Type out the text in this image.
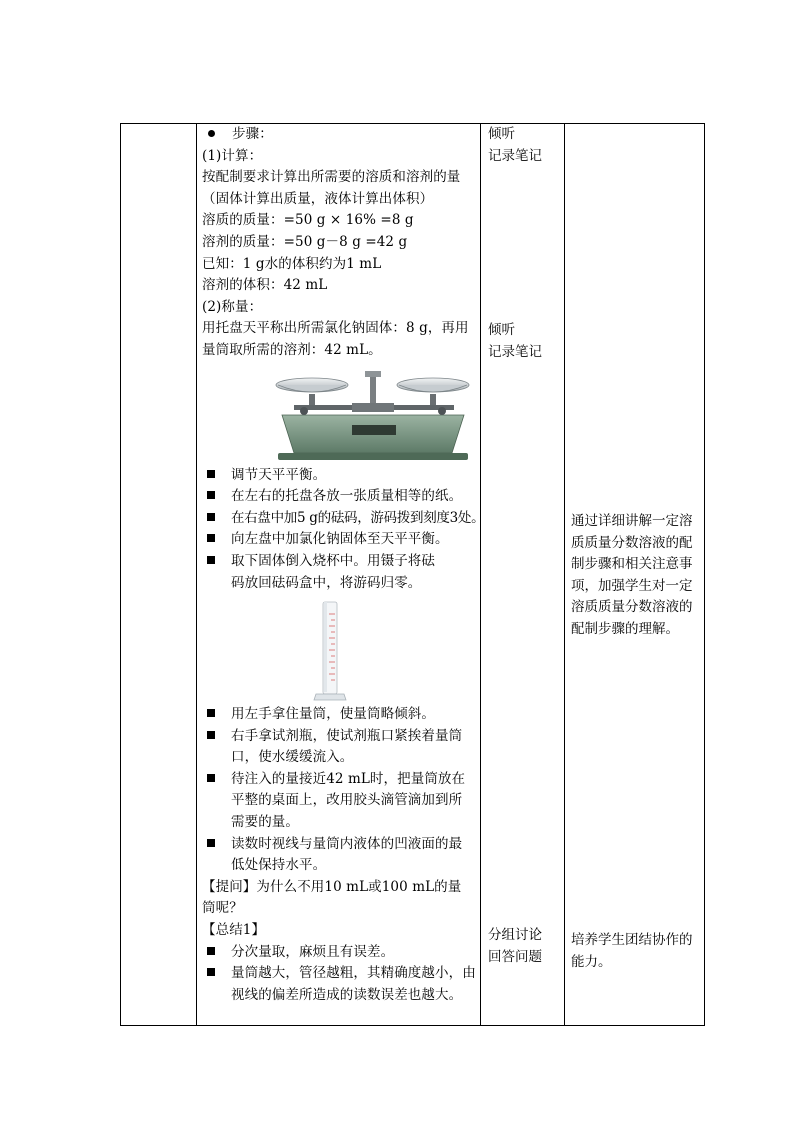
步骤：
(1)计算：
按配制要求计算出所需要的溶质和溶剂的量
（固体计算出质量，液体计算出体积）
溶质的质量：=50 g × 16% =8 g
溶剂的质量：=50 g－8 g =42 g
已知：1 g水的体积约为1 mL
溶剂的体积：42 mL
(2)称量：
用托盘天平称出所需氯化钠固体：8 g，再用
量筒取所需的溶剂：42 mL。
调节天平平衡。
在左右的托盘各放一张质量相等的纸。
在右盘中加5 g的砝码，游码拨到刻度3处。
向左盘中加氯化钠固体至天平平衡。
取下固体倒入烧杯中。用镊子将砝码放回砝码盒中，将游码归零。
用左手拿住量筒，使量筒略倾斜。
右手拿试剂瓶，使试剂瓶口紧挨着量筒口，使水缓缓流入。
待注入的量接近42 mL时，把量筒放在平整的桌面上，改用胶头滴管滴加到所需要的量。
读数时视线与量筒内液体的凹液面的最低处保持水平。
【提问】为什么不用10 mL或100 mL的量筒呢？
【总结1】
分次量取，麻烦且有误差。
量筒越大，管径越粗，其精确度越小，由视线的偏差所造成的读数误差也越大。
倾听
记录笔记
倾听
记录笔记
分组讨论
回答问题
通过详细讲解一定溶质质量分数溶液的配制步骤和相关注意事项，加强学生对一定溶质质量分数溶液的配制步骤的理解。
培养学生团结协作的能力。
